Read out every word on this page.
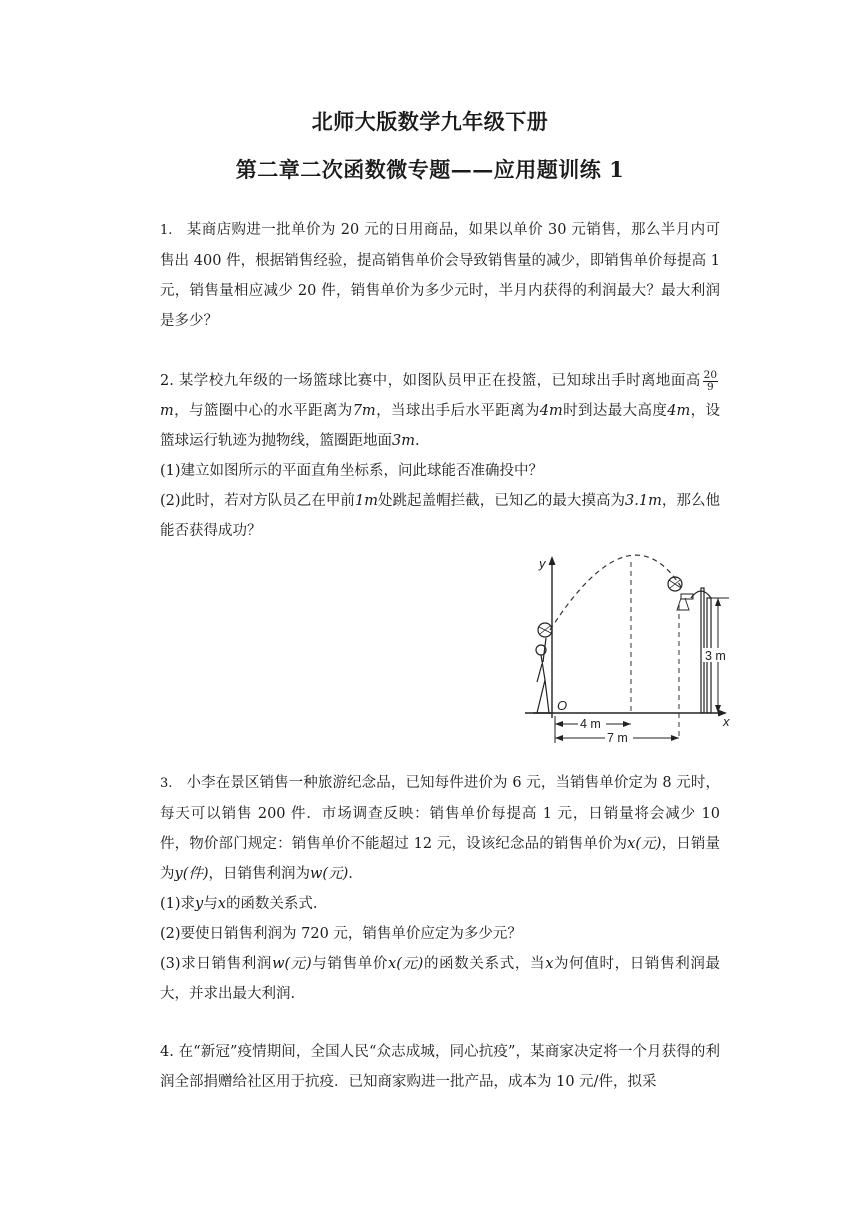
北师大版数学九年级下册
第二章二次函数微专题——应用题训练 1

1. 某商店购进一批单价为 20 元的日用商品，如果以单价 30 元销售，那么半月内可售出 400 件，根据销售经验，提高销售单价会导致销售量的减少，即销售单价每提高 1 元，销售量相应减少 20 件，销售单价为多少元时，半月内获得的利润最大？最大利润是多少？

2. 某学校九年级的一场篮球比赛中，如图队员甲正在投篮，已知球出手时离地面高 $\frac{20}{9}$
m，与篮圈中心的水平距离为7m，当球出手后水平距离为4m时到达最大高度4m，设篮球运行轨迹为抛物线，篮圈距地面3m.

(1)建立如图所示的平面直角坐标系，问此球能否准确投中？

(2)此时，若对方队员乙在甲前1m处跳起盖帽拦截，已知乙的最大摸高为3.1m，那么他能否获得成功？

y
x
O
3 m
4 m
7 m

3. 小李在景区销售一种旅游纪念品，已知每件进价为 6 元，当销售单价定为 8 元时，每天可以销售 200 件．市场调查反映：销售单价每提高 1 元，日销量将会减少 10 件，物价部门规定：销售单价不能超过 12 元，设该纪念品的销售单价为x(元)，日销量为y(件)，日销售利润为w(元).

(1)求y与x的函数关系式.

(2)要使日销售利润为 720 元，销售单价应定为多少元？

(3)求日销售利润w(元)与销售单价x(元)的函数关系式，当x为何值时，日销售利润最大，并求出最大利润.

4. 在“新冠”疫情期间，全国人民“众志成城，同心抗疫”，某商家决定将一个月获得的利润全部捐赠给社区用于抗疫．已知商家购进一批产品，成本为 10 元/件，拟采
